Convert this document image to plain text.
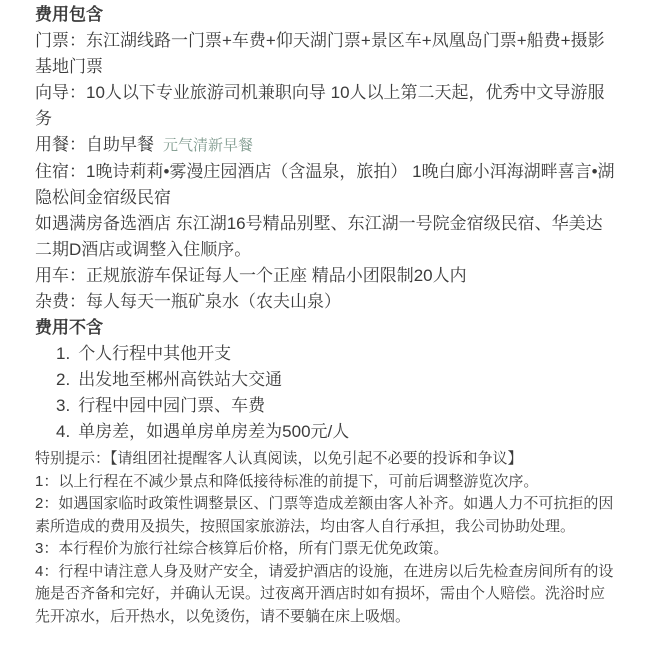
费用包含

门票：东江湖线路一门票+车费+仰天湖门票+景区车+凤凰岛门票+船费+摄影基地门票

向导：10人以下专业旅游司机兼职向导 10人以上第二天起，优秀中文导游服务

用餐：自助早餐 元气清新早餐

住宿：1晚诗莉莉•雾漫庄园酒店（含温泉，旅拍） 1晚白廊小洱海湖畔喜言•湖隐松间金宿级民宿

如遇满房备选酒店 东江湖16号精品别墅、东江湖一号院金宿级民宿、华美达二期D酒店或调整入住顺序。

用车：正规旅游车保证每人一个正座 精品小团限制20人内

杂费：每人每天一瓶矿泉水（农夫山泉）

费用不含

1. 个人行程中其他开支
2. 出发地至郴州高铁站大交通
3. 行程中园中园门票、车费
4. 单房差，如遇单房单房差为500元/人

特别提示：【请组团社提醒客人认真阅读，以免引起不必要的投诉和争议】

1：以上行程在不减少景点和降低接待标准的前提下，可前后调整游览次序。

2：如遇国家临时政策性调整景区、门票等造成差额由客人补齐。如遇人力不可抗拒的因素所造成的费用及损失，按照国家旅游法，均由客人自行承担，我公司协助处理。

3：本行程价为旅行社综合核算后价格，所有门票无优免政策。

4：行程中请注意人身及财产安全，请爱护酒店的设施，在进房以后先检查房间所有的设施是否齐备和完好，并确认无误。过夜离开酒店时如有损坏，需由个人赔偿。洗浴时应先开凉水，后开热水，以免烫伤，请不要躺在床上吸烟。
